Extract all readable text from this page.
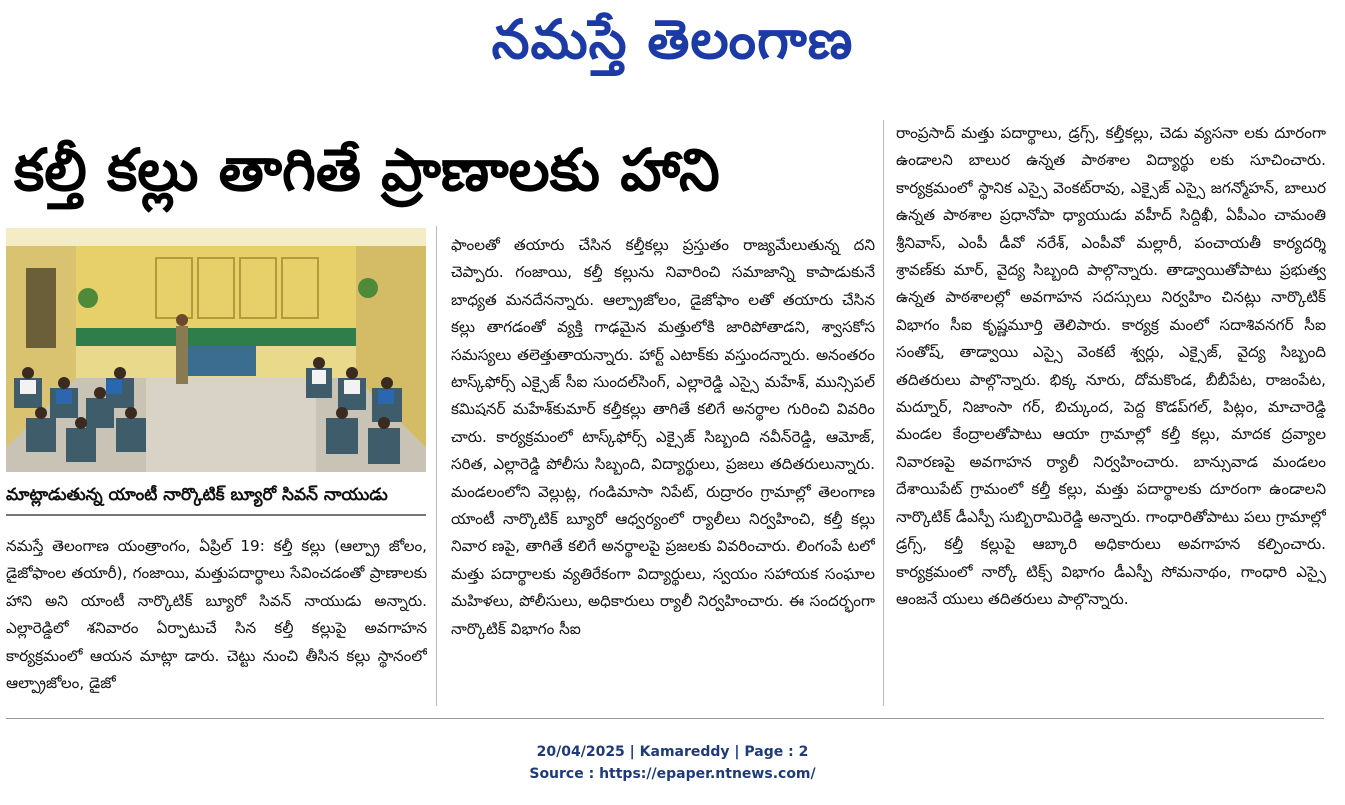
నమస్తే తెలంగాణ
కల్తీ కల్లు తాగితే ప్రాణాలకు హాని
మాట్లాడుతున్న యాంటీ నార్కొటిక్ బ్యూరో సివన్ నాయుడు

నమస్తే తెలంగాణ యంత్రాంగం, ఏప్రిల్ 19: కల్తీ కల్లు (ఆల్ప్రా జోలం, డైజోఫాంల తయారీ), గంజాయి, మత్తుపదార్థాలు సేవించడంతో ప్రాణాలకు హాని అని యాంటీ నార్కొటిక్ బ్యూరో సివన్ నాయుడు అన్నారు. ఎల్లారెడ్డిలో శనివారం ఏర్పాటుచే సిన కల్తీ కల్లుపై అవగాహన కార్యక్రమంలో ఆయన మాట్లా డారు. చెట్టు నుంచి తీసిన కల్లు స్థానంలో ఆల్ప్రాజోలం, డైజో

ఫాంలతో తయారు చేసిన కల్తీకల్లు ప్రస్తుతం రాజ్యమేలుతున్న దని చెప్పారు. గంజాయి, కల్తీ కల్లును నివారించి సమాజాన్ని కాపాడుకునే బాధ్యత మనదేనన్నారు. ఆల్ప్రాజోలం, డైజోఫాం లతో తయారు చేసిన కల్లు తాగడంతో వ్యక్తి గాఢమైన మత్తులోకి జారిపోతాడని, శ్వాసకోస సమస్యలు తలెత్తుతాయన్నారు. హార్ట్ ఎటాక్‌కు వస్తుందన్నారు. అనంతరం టాస్క్‌ఫోర్స్ ఎక్సైజ్ సీఐ సుందల్‌సింగ్, ఎల్లారెడ్డి ఎస్సై మహేశ్, మున్సిపల్ కమిషనర్ మహేశ్‌కుమార్ కల్తీకల్లు తాగితే కలిగే అనర్థాల గురించి వివరిం చారు. కార్యక్రమంలో టాస్క్‌ఫోర్స్ ఎక్సైజ్ సిబ్బంది నవీన్‌రెడ్డి, ఆమోజ్, సరిత, ఎల్లారెడ్డి పోలీసు సిబ్బంది, విద్యార్థులు, ప్రజలు తదితరులున్నారు. మండలంలోని వెల్లుట్ల, గండిమాసా నిపేట్, రుద్రారం గ్రామాల్లో తెలంగాణ యాంటీ నార్కొటిక్ బ్యూరో ఆధ్వర్యంలో ర్యాలీలు నిర్వహించి, కల్తీ కల్లు నివార ణపై, తాగితే కలిగే అనర్థాలపై ప్రజలకు వివరించారు. లింగంపే టలో మత్తు పదార్థాలకు వ్యతిరేకంగా విద్యార్థులు, స్వయం సహాయక సంఘాల మహిళలు, పోలీసులు, అధికారులు ర్యాలీ నిర్వహించారు. ఈ సందర్భంగా నార్కొటిక్ విభాగం సీఐ

రాంప్రసాద్ మత్తు పదార్థాలు, డ్రగ్స్, కల్తీకల్లు, చెడు వ్యసనా లకు దూరంగా ఉండాలని బాలుర ఉన్నత పాఠశాల విద్యార్థు లకు సూచించారు. కార్యక్రమంలో స్థానిక ఎస్సై వెంకట్‌రావు, ఎక్సైజ్ ఎస్సై జగన్మోహన్, బాలుర ఉన్నత పాఠశాల ప్రధానోపా ధ్యాయుడు వహీద్ సిద్దిఖీ, ఏపీఎం చామంతి శ్రీనివాస్, ఎంపీ డీవో నరేశ్, ఎంపీవో మల్లారీ, పంచాయతీ కార్యదర్శి శ్రావణ్‌కు మార్, వైద్య సిబ్బంది పాల్గొన్నారు. తాడ్వాయితోపాటు ప్రభుత్వ ఉన్నత పాఠశాలల్లో అవగాహన సదస్సులు నిర్వహిం చినట్లు నార్కొటిక్ విభాగం సీఐ కృష్ణమూర్తి తెలిపారు. కార్యక్ర మంలో సదాశివనగర్ సీఐ సంతోష్, తాడ్వాయి ఎస్సై వెంకటే శ్వర్లు, ఎక్సైజ్, వైద్య సిబ్బంది తదితరులు పాల్గొన్నారు. భిక్క నూరు, దోమకొండ, బీబీపేట, రాజంపేట, మద్నూర్, నిజాంసా గర్, బిచ్కుంద, పెద్ద కొడప్‌గల్, పిట్లం, మాచారెడ్డి మండల కేంద్రాలతోపాటు ఆయా గ్రామాల్లో కల్తీ కల్లు, మాదక ద్రవ్యాల నివారణపై అవగాహన ర్యాలీ నిర్వహించారు. బాన్సువాడ మండలం దేశాయిపేట్ గ్రామంలో కల్తీ కల్లు, మత్తు పదార్థాలకు దూరంగా ఉండాలని నార్కొటిక్ డీఎస్పీ సుబ్బిరామిరెడ్డి అన్నారు. గాంధారితోపాటు పలు గ్రామాల్లో డ్రగ్స్, కల్తీ కల్లుపై ఆబ్కారి అధికారులు అవగాహన కల్పించారు. కార్యక్రమంలో నార్కో టిక్స్ విభాగం డీఎస్పీ సోమనాథం, గాంధారి ఎస్సై ఆంజనే యులు తదితరులు పాల్గొన్నారు.

20/04/2025 | Kamareddy | Page : 2
Source : https://epaper.ntnews.com/
